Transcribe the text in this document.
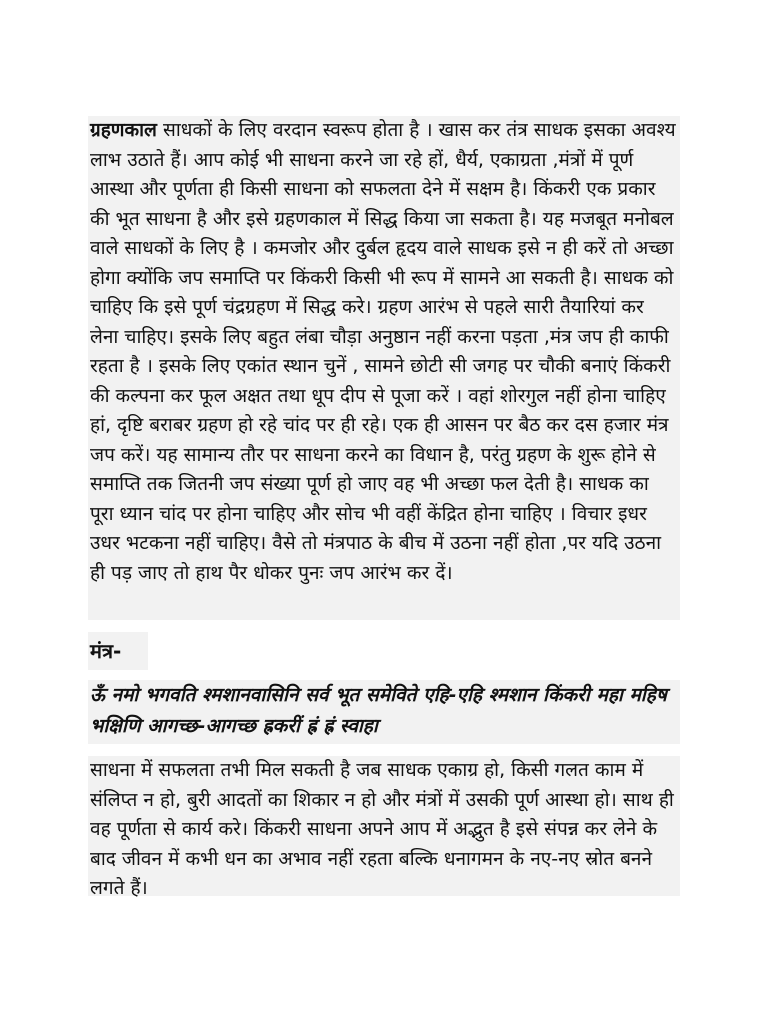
ग्रहणकाल साधकों के लिए वरदान स्वरूप होता है । खास कर तंत्र साधक इसका अवश्य लाभ उठाते हैं। आप कोई भी साधना करने जा रहे हों, धैर्य, एकाग्रता ,मंत्रों में पूर्ण आस्था और पूर्णता ही किसी साधना को सफलता देने में सक्षम है। किंकरी एक प्रकार की भूत साधना है और इसे ग्रहणकाल में सिद्ध किया जा सकता है। यह मजबूत मनोबल वाले साधकों के लिए है । कमजोर और दुर्बल हृदय वाले साधक इसे न ही करें तो अच्छा होगा क्योंकि जप समाप्ति पर किंकरी किसी भी रूप में सामने आ सकती है। साधक को चाहिए कि इसे पूर्ण चंद्रग्रहण में सिद्ध करे। ग्रहण आरंभ से पहले सारी तैयारियां कर लेना चाहिए। इसके लिए बहुत लंबा चौड़ा अनुष्ठान नहीं करना पड़ता ,मंत्र जप ही काफी रहता है । इसके लिए एकांत स्थान चुनें , सामने छोटी सी जगह पर चौकी बनाएं किंकरी की कल्पना कर फूल अक्षत तथा धूप दीप से पूजा करें । वहां शोरगुल नहीं होना चाहिए हां, दृष्टि बराबर ग्रहण हो रहे चांद पर ही रहे। एक ही आसन पर बैठ कर दस हजार मंत्र जप करें। यह सामान्य तौर पर साधना करने का विधान है, परंतु ग्रहण के शुरू होने से समाप्ति तक जितनी जप संख्या पूर्ण हो जाए वह भी अच्छा फल देती है। साधक का पूरा ध्यान चांद पर होना चाहिए और सोच भी वहीं केंद्रित होना चाहिए । विचार इधर उधर भटकना नहीं चाहिए। वैसे तो मंत्रपाठ के बीच में उठना नहीं होता ,पर यदि उठना ही पड़ जाए तो हाथ पैर धोकर पुनः जप आरंभ कर दें।

मंत्र-

ऊँ नमो भगवति श्मशानवासिनि सर्व भूत समेविते एहि-एहि श्मशान किंकरी महा महिष भक्षिणि आगच्छ-आगच्छ ह्रकरीं ह्रं ह्रं स्वाहा

साधना में सफलता तभी मिल सकती है जब साधक एकाग्र हो, किसी गलत काम में संलिप्त न हो, बुरी आदतों का शिकार न हो और मंत्रों में उसकी पूर्ण आस्था हो। साथ ही वह पूर्णता से कार्य करे। किंकरी साधना अपने आप में अद्भुत है इसे संपन्न कर लेने के बाद जीवन में कभी धन का अभाव नहीं रहता बल्कि धनागमन के नए-नए स्रोत बनने लगते हैं।
